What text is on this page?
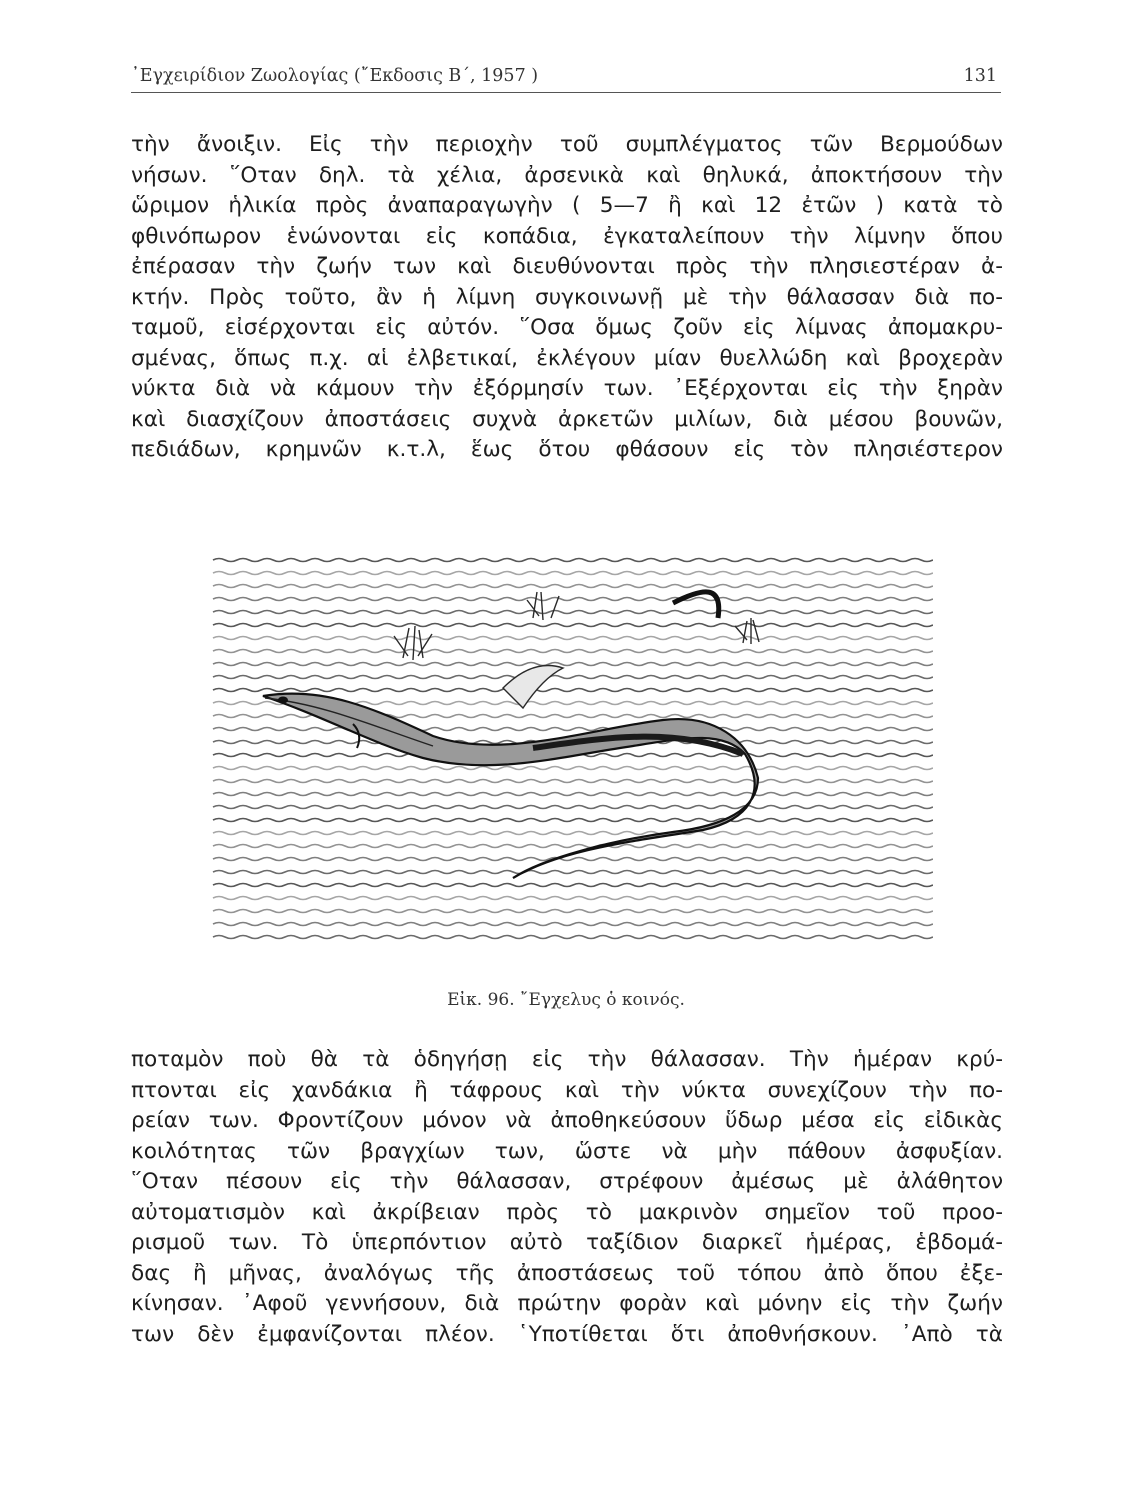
᾽Εγχειρίδιον Ζωολογίας (῎Εκδοσις Β΄, 1957 )	131
τὴν ἄνοιξιν. Εἰς τὴν περιοχὴν τοῦ συμπλέγματος τῶν Βερμούδων
νήσων. ῞Οταν δηλ. τὰ χέλια, ἀρσενικὰ καὶ θηλυκά, ἀποκτήσουν τὴν
ὥριμον ἡλικία πρὸς ἀναπαραγωγὴν ( 5—7 ἢ καὶ 12 ἐτῶν ) κατὰ τὸ
φθινόπωρον ἑνώνονται εἰς κοπάδια, ἐγκαταλείπουν τὴν λίμνην ὅπου
ἐπέρασαν τὴν ζωήν των καὶ διευθύνονται πρὸς τὴν πλησιεστέραν ἀ-
κτήν. Πρὸς τοῦτο, ἂν ἡ λίμνη συγκοινωνῇ μὲ τὴν θάλασσαν διὰ πο-
ταμοῦ, εἰσέρχονται εἰς αὐτόν. ῞Οσα ὅμως ζοῦν εἰς λίμνας ἀπομακρυ-
σμένας, ὅπως π.χ. αἱ ἐλβετικαί, ἐκλέγουν μίαν θυελλώδη καὶ βροχερὰν
νύκτα διὰ νὰ κάμουν τὴν ἐξόρμησίν των. ᾽Εξέρχονται εἰς τὴν ξηρὰν
καὶ διασχίζουν ἀποστάσεις συχνὰ ἀρκετῶν μιλίων, διὰ μέσου βουνῶν,
πεδιάδων, κρημνῶν κ.τ.λ, ἕως ὅτου φθάσουν εἰς τὸν πλησιέστερον
Εἰκ. 96. ῎Εγχελυς ὁ κοινός.
ποταμὸν ποὺ θὰ τὰ ὁδηγήσῃ εἰς τὴν θάλασσαν. Τὴν ἡμέραν κρύ-
πτονται εἰς χανδάκια ἢ τάφρους καὶ τὴν νύκτα συνεχίζουν τὴν πο-
ρείαν των. Φροντίζουν μόνον νὰ ἀποθηκεύσουν ὕδωρ μέσα εἰς εἰδικὰς
κοιλότητας τῶν βραγχίων των, ὥστε νὰ μὴν πάθουν ἀσφυξίαν.
῞Οταν πέσουν εἰς τὴν θάλασσαν, στρέφουν ἀμέσως μὲ ἀλάθητον
αὐτοματισμὸν καὶ ἀκρίβειαν πρὸς τὸ μακρινὸν σημεῖον τοῦ προο-
ρισμοῦ των. Τὸ ὑπερπόντιον αὐτὸ ταξίδιον διαρκεῖ ἡμέρας, ἑβδομά-
δας ἢ μῆνας, ἀναλόγως τῆς ἀποστάσεως τοῦ τόπου ἀπὸ ὅπου ἐξε-
κίνησαν. ᾽Αφοῦ γεννήσουν, διὰ πρώτην φορὰν καὶ μόνην εἰς τὴν ζωήν
των δὲν ἐμφανίζονται πλέον. ῾Υποτίθεται ὅτι ἀποθνήσκουν. ᾽Απὸ τὰ
